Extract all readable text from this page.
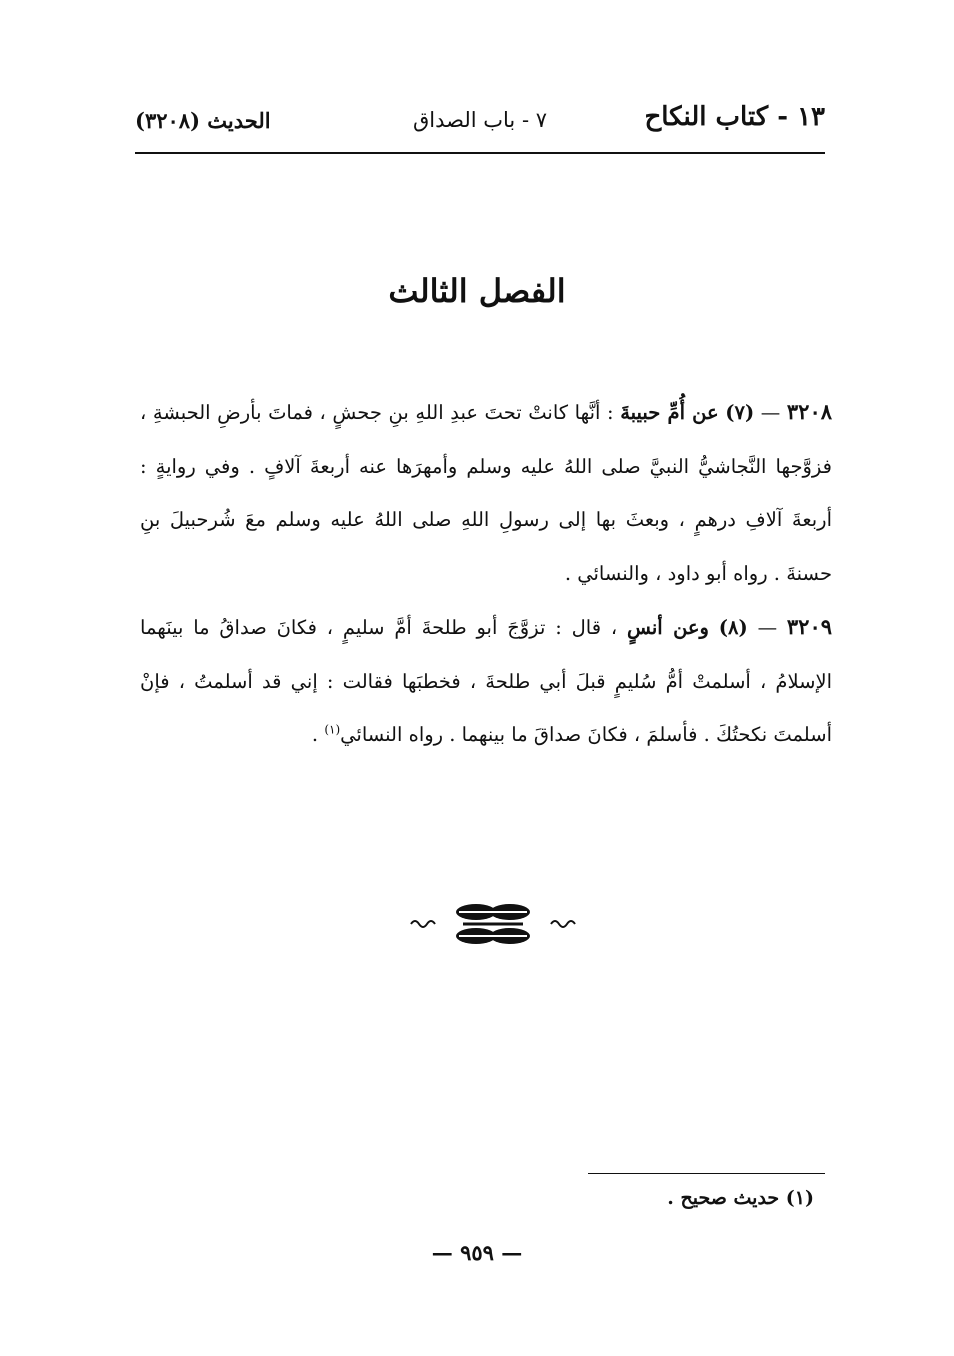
١٣ - كتاب النكاح
٧ - باب الصداق
الحديث (٣٢٠٨)
الفصل الثالث

٣٢٠٨ — (٧) عن أُمِّ حبيبةَ : أنَّها كانتْ تحتَ عبدِ اللهِ بنِ جحشٍ ، فماتَ بأرضِ الحبشةِ ، فزوَّجها النَّجاشيُّ النبيَّ صلى اللهُ عليه وسلم وأمهرَها عنه أربعةَ آلافٍ . وفي روايةٍ : أربعةَ آلافِ درهمٍ ، وبعثَ بها إلى رسولِ اللهِ صلى اللهُ عليه وسلم معَ شُرحبيلَ بنِ حسنةَ . رواه أبو داود ، والنسائي .

٣٢٠٩ — (٨) وعن أنسٍ ، قال : تزوَّجَ أبو طلحةَ أمَّ سليمٍ ، فكانَ صداقُ ما بينَهما الإسلامُ ، أسلمتْ أمُّ سُليمٍ قبلَ أبي طلحةَ ، فخطبَها فقالت : إني قد أسلمتُ ، فإنْ أسلمتَ نكحتُكَ . فأسلمَ ، فكانَ صداقَ ما بينهما . رواه النسائي$^{(١)}$ .

(١) حديث صحيح .
— ٩٥٩ —
